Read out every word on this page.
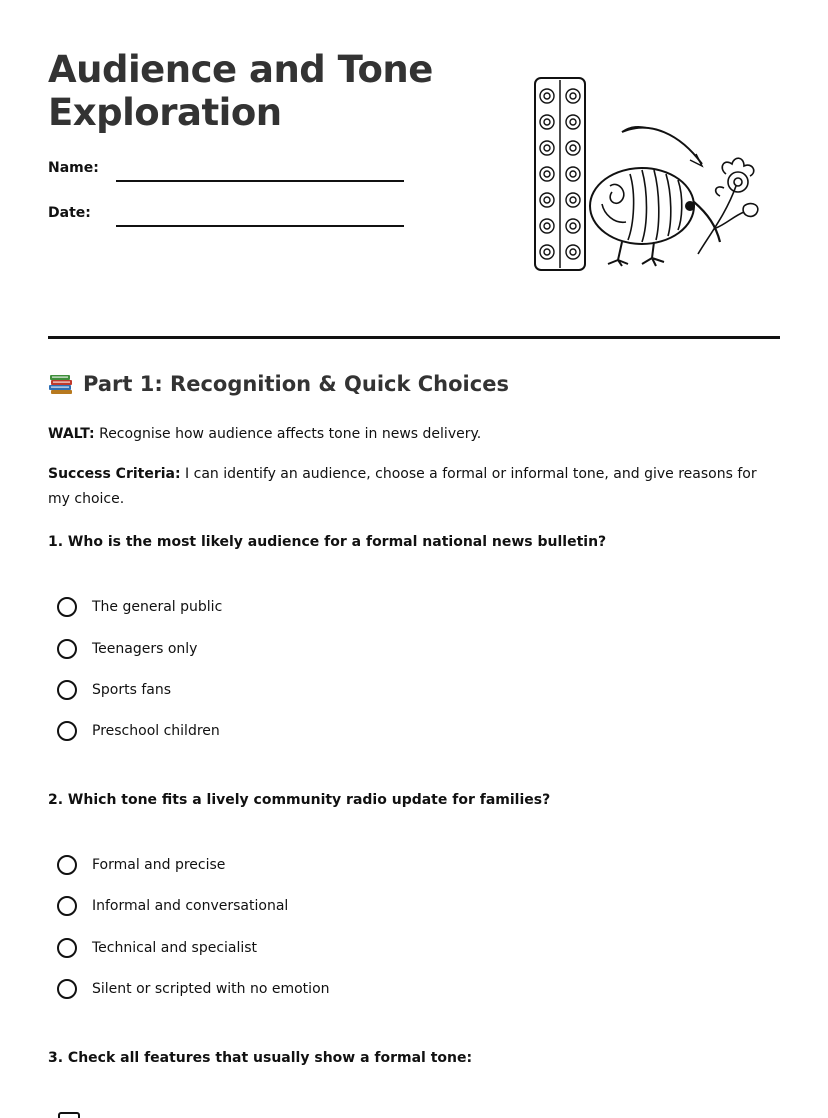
Audience and Tone Exploration
Name:
Date:
Part 1: Recognition & Quick Choices

WALT: Recognise how audience affects tone in news delivery.

Success Criteria: I can identify an audience, choose a formal or informal tone, and give reasons for my choice.

1. Who is the most likely audience for a formal national news bulletin?

The general public
Teenagers only
Sports fans
Preschool children

2. Which tone fits a lively community radio update for families?

Formal and precise
Informal and conversational
Technical and specialist
Silent or scripted with no emotion

3. Check all features that usually show a formal tone:
